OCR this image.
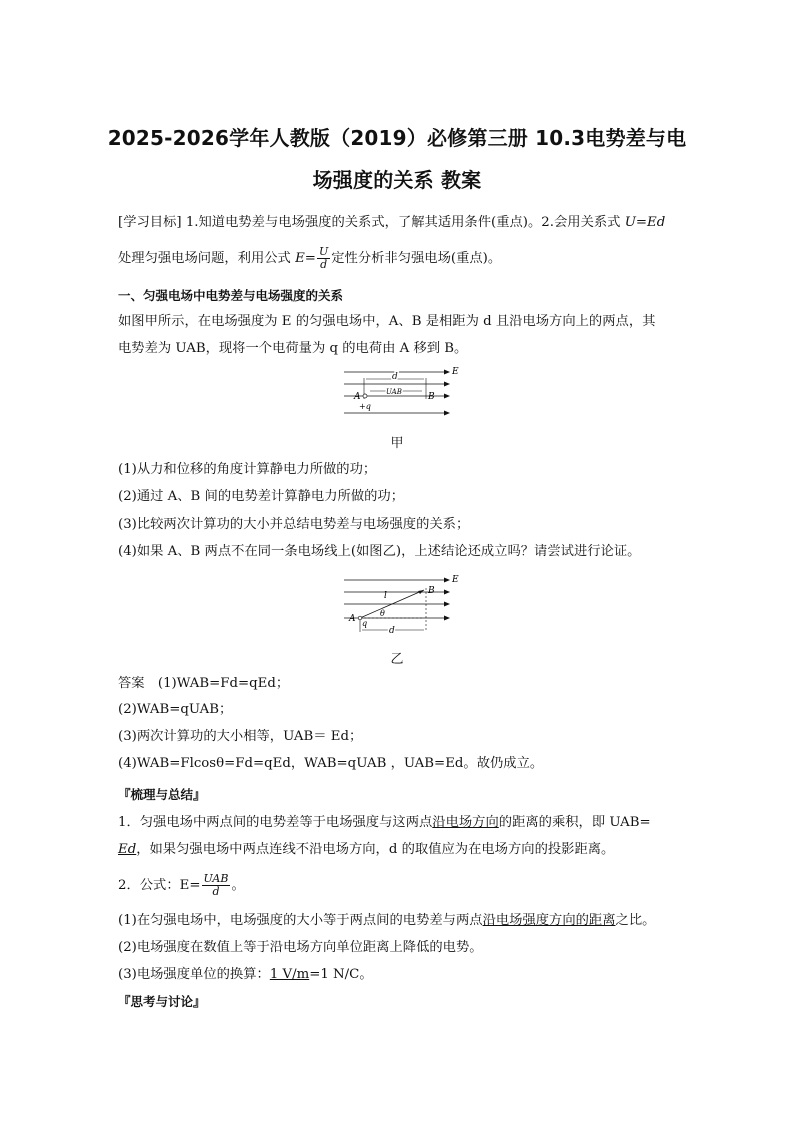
2025-2026学年人教版（2019）必修第三册 10.3电势差与电
场强度的关系 教案
[学习目标] 1.知道电势差与电场强度的关系式，了解其适用条件(重点)。2.会用关系式 U=Ed
处理匀强电场问题，利用公式 $E= \frac{U}{d}$ 定性分析非匀强电场(重点)。
一、匀强电场中电势差与电场强度的关系
如图甲所示，在电场强度为 E 的匀强电场中，A、B 是相距为 d 且沿电场方向上的两点，其
电势差为 UAB，现将一个电荷量为 q 的电荷由 A 移到 B。
E
d
A	B
UAB
+q
甲
(1)从力和位移的角度计算静电力所做的功；
(2)通过 A、B 间的电势差计算静电力所做的功；
(3)比较两次计算功的大小并总结电势差与电场强度的关系；
(4)如果 A、B 两点不在同一条电场线上(如图乙)，上述结论还成立吗？请尝试进行论证。
E
l
θ
A q
B
d
乙
答案　(1)WAB=Fd=qEd；
(2)WAB=qUAB；
(3)两次计算功的大小相等，UAB＝ Ed；
(4)WAB=Flcosθ=Fd=qEd，WAB=qUAB ，UAB=Ed。故仍成立。
『梳理与总结』
1．匀强电场中两点间的电势差等于电场强度与这两点沿电场方向的距离的乘积，即 UAB=
Ed，如果匀强电场中两点连线不沿电场方向，d 的取值应为在电场方向的投影距离。
2．公式：$E= \frac{\text{UAB}}{d}$ 。
(1)在匀强电场中，电场强度的大小等于两点间的电势差与两点沿电场强度方向的距离之比。
(2)电场强度在数值上等于沿电场方向单位距离上降低的电势。
(3)电场强度单位的换算：1 V/m=1 N/C。
『思考与讨论』
